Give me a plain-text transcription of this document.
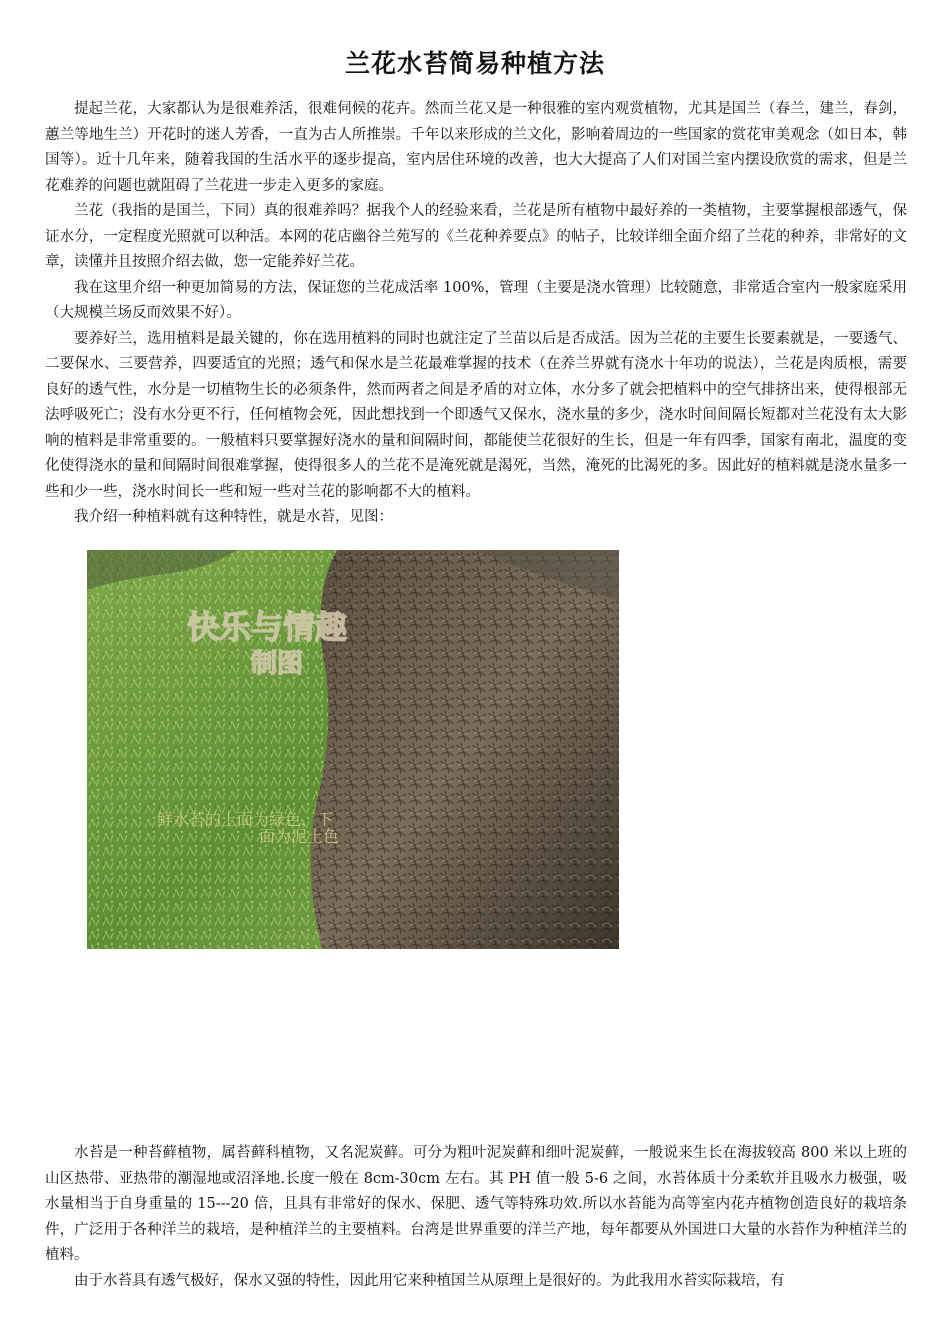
兰花水苔简易种植方法

提起兰花，大家都认为是很难养活，很难伺候的花卉。然而兰花又是一种很雅的室内观赏植物，尤其是国兰（春兰，建兰，春剑，蕙兰等地生兰）开花时的迷人芳香，一直为古人所推崇。千年以来形成的兰文化，影响着周边的一些国家的赏花审美观念（如日本，韩国等）。近十几年来，随着我国的生活水平的逐步提高，室内居住环境的改善，也大大提高了人们对国兰室内摆设欣赏的需求，但是兰花难养的问题也就阻碍了兰花进一步走入更多的家庭。

兰花（我指的是国兰，下同）真的很难养吗？据我个人的经验来看，兰花是所有植物中最好养的一类植物，主要掌握根部透气，保证水分，一定程度光照就可以种活。本网的花店幽谷兰苑写的《兰花种养要点》的帖子，比较详细全面介绍了兰花的种养，非常好的文章，读懂并且按照介绍去做，您一定能养好兰花。

我在这里介绍一种更加简易的方法，保证您的兰花成活率 100%，管理（主要是浇水管理）比较随意，非常适合室内一般家庭采用（大规模兰场反而效果不好）。

要养好兰，选用植料是最关键的，你在选用植料的同时也就注定了兰苗以后是否成活。因为兰花的主要生长要素就是，一要透气、二要保水、三要营养，四要适宜的光照；透气和保水是兰花最难掌握的技术（在养兰界就有浇水十年功的说法），兰花是肉质根，需要良好的透气性，水分是一切植物生长的必须条件，然而两者之间是矛盾的对立体，水分多了就会把植料中的空气排挤出来，使得根部无法呼吸死亡；没有水分更不行，任何植物会死，因此想找到一个即透气又保水，浇水量的多少，浇水时间间隔长短都对兰花没有太大影响的植料是非常重要的。一般植料只要掌握好浇水的量和间隔时间，都能使兰花很好的生长，但是一年有四季，国家有南北，温度的变化使得浇水的量和间隔时间很难掌握，使得很多人的兰花不是淹死就是渴死，当然，淹死的比渴死的多。因此好的植料就是浇水量多一些和少一些，浇水时间长一些和短一些对兰花的影响都不大的植料。

我介绍一种植料就有这种特性，就是水苔，见图：

快乐与情趣
制图
鲜水苔的上面为绿色，下
面为泥土色

水苔是一种苔藓植物，属苔藓科植物，又名泥炭藓。可分为粗叶泥炭藓和细叶泥炭藓，一般说来生长在海拔较高 800 米以上班的山区热带、亚热带的潮湿地或沼泽地.长度一般在 8cm-30cm 左右。其 PH 值一般 5-6 之间，水苔体质十分柔软并且吸水力极强，吸水量相当于自身重量的 15---20 倍，且具有非常好的保水、保肥、透气等特殊功效.所以水苔能为高等室内花卉植物创造良好的栽培条件，广泛用于各种洋兰的栽培，是种植洋兰的主要植料。台湾是世界重要的洋兰产地，每年都要从外国进口大量的水苔作为种植洋兰的植料。

由于水苔具有透气极好，保水又强的特性，因此用它来种植国兰从原理上是很好的。为此我用水苔实际栽培，有
